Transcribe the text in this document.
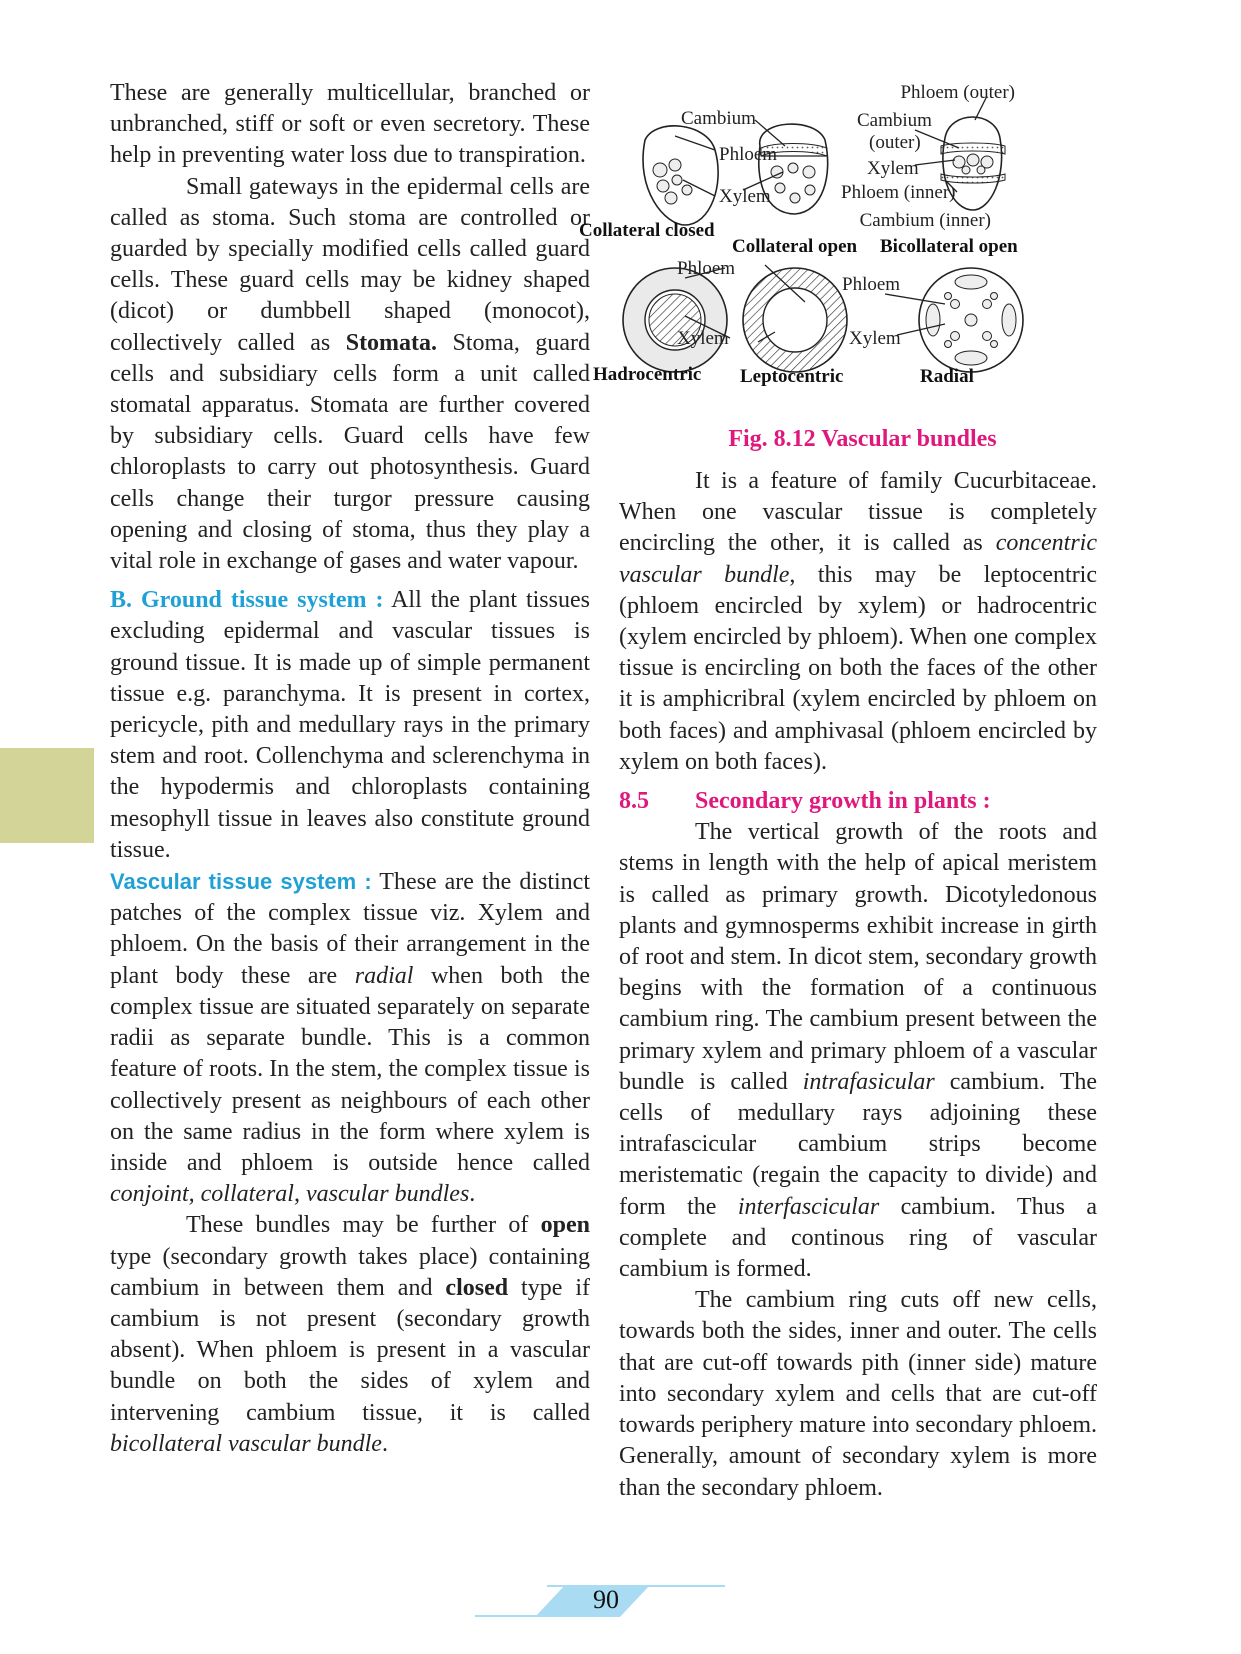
These are generally multicellular, branched or unbranched, stiff or soft or even secretory. These help in preventing water loss due to transpiration.

Small gateways in the epidermal cells are called as stoma. Such stoma are controlled or guarded by specially modified cells called guard cells. These guard cells may be kidney shaped (dicot) or dumbbell shaped (monocot), collectively called as Stomata. Stoma, guard cells and subsidiary cells form a unit called stomatal apparatus. Stomata are further covered by subsidiary cells. Guard cells have few chloroplasts to carry out photosynthesis. Guard cells change their turgor pressure causing opening and closing of stoma, thus they play a vital role in exchange of gases and water vapour.

B. Ground tissue system : All the plant tissues excluding epidermal and vascular tissues is ground tissue. It is made up of simple permanent tissue e.g. paranchyma. It is present in cortex, pericycle, pith and medullary rays in the primary stem and root. Collenchyma and sclerenchyma in the hypodermis and chloroplasts containing mesophyll tissue in leaves also constitute ground tissue.

Vascular tissue system : These are the distinct patches of the complex tissue viz. Xylem and phloem. On the basis of their arrangement in the plant body these are radial when both the complex tissue are situated separately on separate radii as separate bundle. This is a common feature of roots. In the stem, the complex tissue is collectively present as neighbours of each other on the same radius in the form where xylem is inside and phloem is outside hence called conjoint, collateral, vascular bundles.

These bundles may be further of open type (secondary growth takes place) containing cambium in between them and closed type if cambium is not present (secondary growth absent). When phloem is present in a vascular bundle on both the sides of xylem and intervening cambium tissue, it is called bicollateral vascular bundle.

Phloem (outer)
Cambium	Cambium
(outer)
Phloem
Xylem
Xylem	Phloem (inner)
Cambium (inner)
Collateral closed
Collateral open Bicollateral open
Phloem
Phloem
Xylem	Xylem
Hadrocentric Leptocentric	Radial
Fig. 8.12 Vascular bundles

It is a feature of family Cucurbitaceae. When one vascular tissue is completely encircling the other, it is called as concentric vascular bundle, this may be leptocentric (phloem encircled by xylem) or hadrocentric (xylem encircled by phloem). When one complex tissue is encircling on both the faces of the other it is amphicribral (xylem encircled by phloem on both faces) and amphivasal (phloem encircled by xylem on both faces).

8.5 Secondary growth in plants :

The vertical growth of the roots and stems in length with the help of apical meristem is called as primary growth. Dicotyledonous plants and gymnosperms exhibit increase in girth of root and stem. In dicot stem, secondary growth begins with the formation of a continuous cambium ring. The cambium present between the primary xylem and primary phloem of a vascular bundle is called intrafasicular cambium. The cells of medullary rays adjoining these intrafascicular cambium strips become meristematic (regain the capacity to divide) and form the interfascicular cambium. Thus a complete and continous ring of vascular cambium is formed.

The cambium ring cuts off new cells, towards both the sides, inner and outer. The cells that are cut-off towards pith (inner side) mature into secondary xylem and cells that are cut-off towards periphery mature into secondary phloem. Generally, amount of secondary xylem is more than the secondary phloem.

90
